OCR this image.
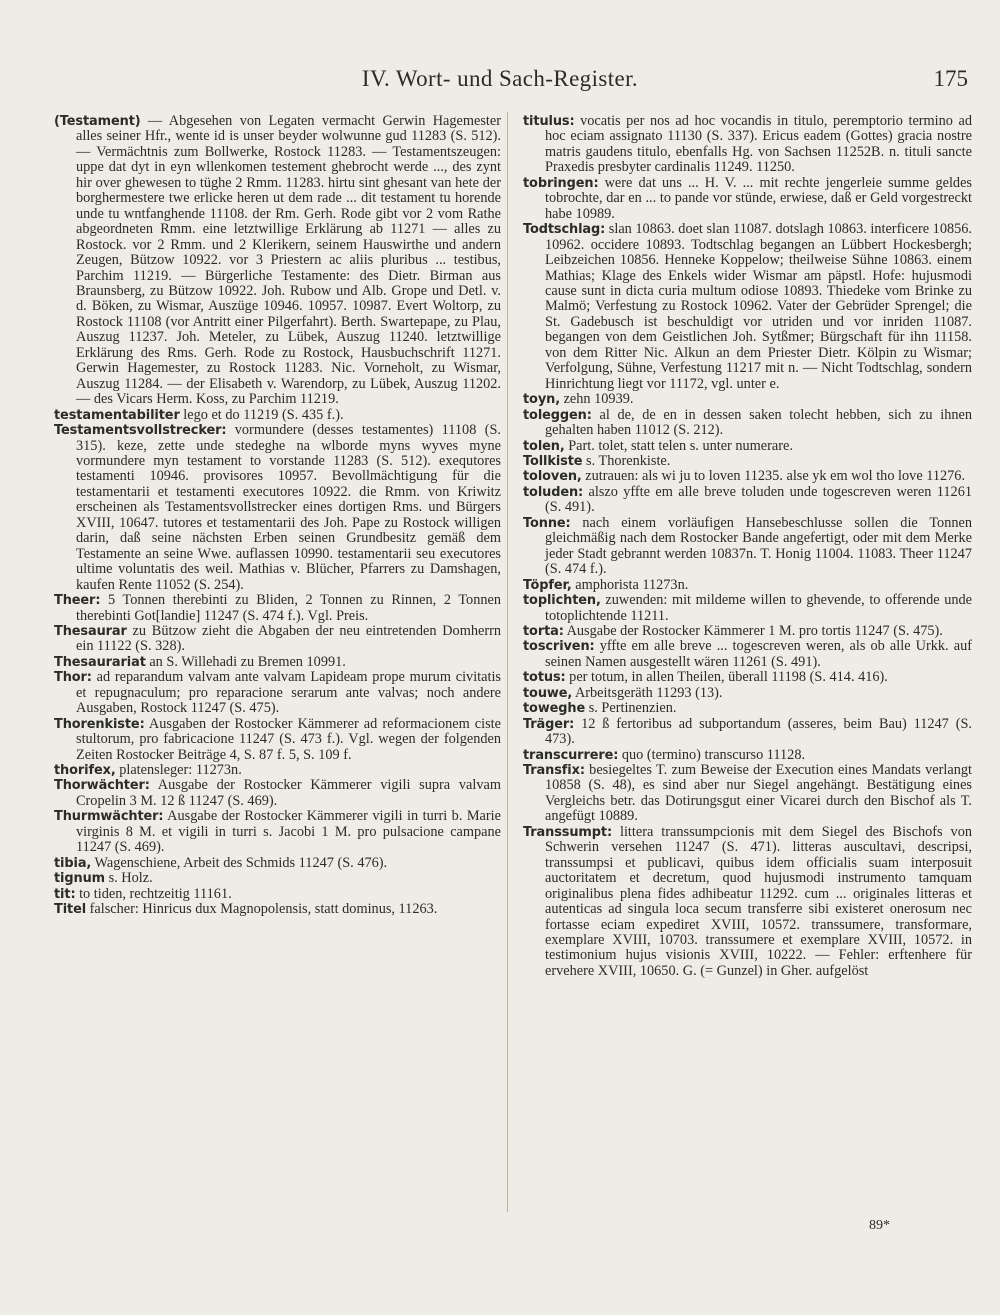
IV. Wort- und Sach-Register.	175

(Testament) — Abgesehen von Legaten vermacht Gerwin Hagemester alles seiner Hfr., wente id is unser beyder wolwunne gud 11283 (S. 512). — Vermächtnis zum Bollwerke, Rostock 11283. — Testamentszeugen: uppe dat dyt in eyn wllenkomen testement ghebrocht werde ..., des zynt hir over ghewesen to tüghe 2 Rmm. 11283. hirtu sint ghesant van hete der borghermestere twe erlicke heren ut dem rade ... dit testament tu horende unde tu wntfanghende 11108. der Rm. Gerh. Rode gibt vor 2 vom Rathe abgeordneten Rmm. eine letztwillige Erklärung ab 11271 — alles zu Rostock. vor 2 Rmm. und 2 Klerikern, seinem Hauswirthe und andern Zeugen, Bützow 10922. vor 3 Priestern ac aliis pluribus ... testibus, Parchim 11219. — Bürgerliche Testamente: des Dietr. Birman aus Braunsberg, zu Bützow 10922. Joh. Rubow und Alb. Grope und Detl. v. d. Böken, zu Wismar, Auszüge 10946. 10957. 10987. Evert Woltorp, zu Rostock 11108 (vor Antritt einer Pilgerfahrt). Berth. Swartepape, zu Plau, Auszug 11237. Joh. Meteler, zu Lübek, Auszug 11240. letztwillige Erklärung des Rms. Gerh. Rode zu Rostock, Hausbuchschrift 11271. Gerwin Hagemester, zu Rostock 11283. Nic. Vorneholt, zu Wismar, Auszug 11284. — der Elisabeth v. Warendorp, zu Lübek, Auszug 11202. — des Vicars Herm. Koss, zu Parchim 11219.

testamentabiliter lego et do 11219 (S. 435 f.).

Testamentsvollstrecker: vormundere (desses testamentes) 11108 (S. 315). keze, zette unde stedeghe na wlborde myns wyves myne vormundere myn testament to vorstande 11283 (S. 512). exequtores testamenti 10946. provisores 10957. Bevollmächtigung für die testamentarii et testamenti executores 10922. die Rmm. von Kriwitz erscheinen als Testamentsvollstrecker eines dortigen Rms. und Bürgers XVIII, 10647. tutores et testamentarii des Joh. Pape zu Rostock willigen darin, daß seine nächsten Erben seinen Grundbesitz gemäß dem Testamente an seine Wwe. auflassen 10990. testamentarii seu executores ultime voluntatis des weil. Mathias v. Blücher, Pfarrers zu Damshagen, kaufen Rente 11052 (S. 254).

Theer: 5 Tonnen therebinti zu Bliden, 2 Tonnen zu Rinnen, 2 Tonnen therebinti Got[landie] 11247 (S. 474 f.). Vgl. Preis.

Thesaurar zu Bützow zieht die Abgaben der neu eintretenden Domherrn ein 11122 (S. 328).

Thesaurariat an S. Willehadi zu Bremen 10991.

Thor: ad reparandum valvam ante valvam Lapideam prope murum civitatis et repugnaculum; pro reparacione serarum ante valvas; noch andere Ausgaben, Rostock 11247 (S. 475).

Thorenkiste: Ausgaben der Rostocker Kämmerer ad reformacionem ciste stultorum, pro fabricacione 11247 (S. 473 f.). Vgl. wegen der folgenden Zeiten Rostocker Beiträge 4, S. 87 f. 5, S. 109 f.

thorifex, platensleger: 11273n.

Thorwächter: Ausgabe der Rostocker Kämmerer vigili supra valvam Cropelin 3 M. 12 ß 11247 (S. 469).

Thurmwächter: Ausgabe der Rostocker Kämmerer vigili in turri b. Marie virginis 8 M. et vigili in turri s. Jacobi 1 M. pro pulsacione campane 11247 (S. 469).

tibia, Wagenschiene, Arbeit des Schmids 11247 (S. 476).

tignum s. Holz.

tit: to tiden, rechtzeitig 11161.

Titel falscher: Hinricus dux Magnopolensis, statt dominus, 11263.

titulus: vocatis per nos ad hoc vocandis in titulo, peremptorio termino ad hoc eciam assignato 11130 (S. 337). Ericus eadem (Gottes) gracia nostre matris gaudens titulo, ebenfalls Hg. von Sachsen 11252B. n. tituli sancte Praxedis presbyter cardinalis 11249. 11250.

tobringen: were dat uns ... H. V. ... mit rechte jengerleie summe geldes tobrochte, dar en ... to pande vor stünde, erwiese, daß er Geld vorgestreckt habe 10989.

Todtschlag: slan 10863. doet slan 11087. dotslagh 10863. interficere 10856. 10962. occidere 10893. Todtschlag begangen an Lübbert Hockesbergh; Leibzeichen 10856. Henneke Koppelow; theilweise Sühne 10863. einem Mathias; Klage des Enkels wider Wismar am päpstl. Hofe: hujusmodi cause sunt in dicta curia multum odiose 10893. Thiedeke vom Brinke zu Malmö; Verfestung zu Rostock 10962. Vater der Gebrüder Sprengel; die St. Gadebusch ist beschuldigt vor utriden und vor inriden 11087. begangen von dem Geistlichen Joh. Sytßmer; Bürgschaft für ihn 11158. von dem Ritter Nic. Alkun an dem Priester Dietr. Kölpin zu Wismar; Verfolgung, Sühne, Verfestung 11217 mit n. — Nicht Todtschlag, sondern Hinrichtung liegt vor 11172, vgl. unter e.

toyn, zehn 10939.

toleggen: al de, de en in dessen saken tolecht hebben, sich zu ihnen gehalten haben 11012 (S. 212).

tolen, Part. tolet, statt telen s. unter numerare.

Tollkiste s. Thorenkiste.

toloven, zutrauen: als wi ju to loven 11235. alse yk em wol tho love 11276.

toluden: alszo yffte em alle breve toluden unde togescreven weren 11261 (S. 491).

Tonne: nach einem vorläufigen Hansebeschlusse sollen die Tonnen gleichmäßig nach dem Rostocker Bande angefertigt, oder mit dem Merke jeder Stadt gebrannt werden 10837n. T. Honig 11004. 11083. Theer 11247 (S. 474 f.).

Töpfer, amphorista 11273n.

toplichten, zuwenden: mit mildeme willen to ghevende, to offerende unde totoplichtende 11211.

torta: Ausgabe der Rostocker Kämmerer 1 M. pro tortis 11247 (S. 475).

toscriven: yffte em alle breve ... togescreven weren, als ob alle Urkk. auf seinen Namen ausgestellt wären 11261 (S. 491).

totus: per totum, in allen Theilen, überall 11198 (S. 414. 416).

touwe, Arbeitsgeräth 11293 (13).

toweghe s. Pertinenzien.

Träger: 12 ß fertoribus ad subportandum (asseres, beim Bau) 11247 (S. 473).

transcurrere: quo (termino) transcurso 11128.

Transfix: besiegeltes T. zum Beweise der Execution eines Mandats verlangt 10858 (S. 48), es sind aber nur Siegel angehängt. Bestätigung eines Vergleichs betr. das Dotirungsgut einer Vicarei durch den Bischof als T. angefügt 10889.

Transsumpt: littera transsumpcionis mit dem Siegel des Bischofs von Schwerin versehen 11247 (S. 471). litteras auscultavi, descripsi, transsumpsi et publicavi, quibus idem officialis suam interposuit auctoritatem et decretum, quod hujusmodi instrumento tamquam originalibus plena fides adhibeatur 11292. cum ... originales litteras et autenticas ad singula loca secum transferre sibi existeret onerosum nec fortasse eciam expediret XVIII, 10572. transsumere, transformare, exemplare XVIII, 10703. transsumere et exemplare XVIII, 10572. in testimonium hujus visionis XVIII, 10222. — Fehler: erftenhere für ervehere XVIII, 10650. G. (= Gunzel) in Gher. aufgelöst

89*
